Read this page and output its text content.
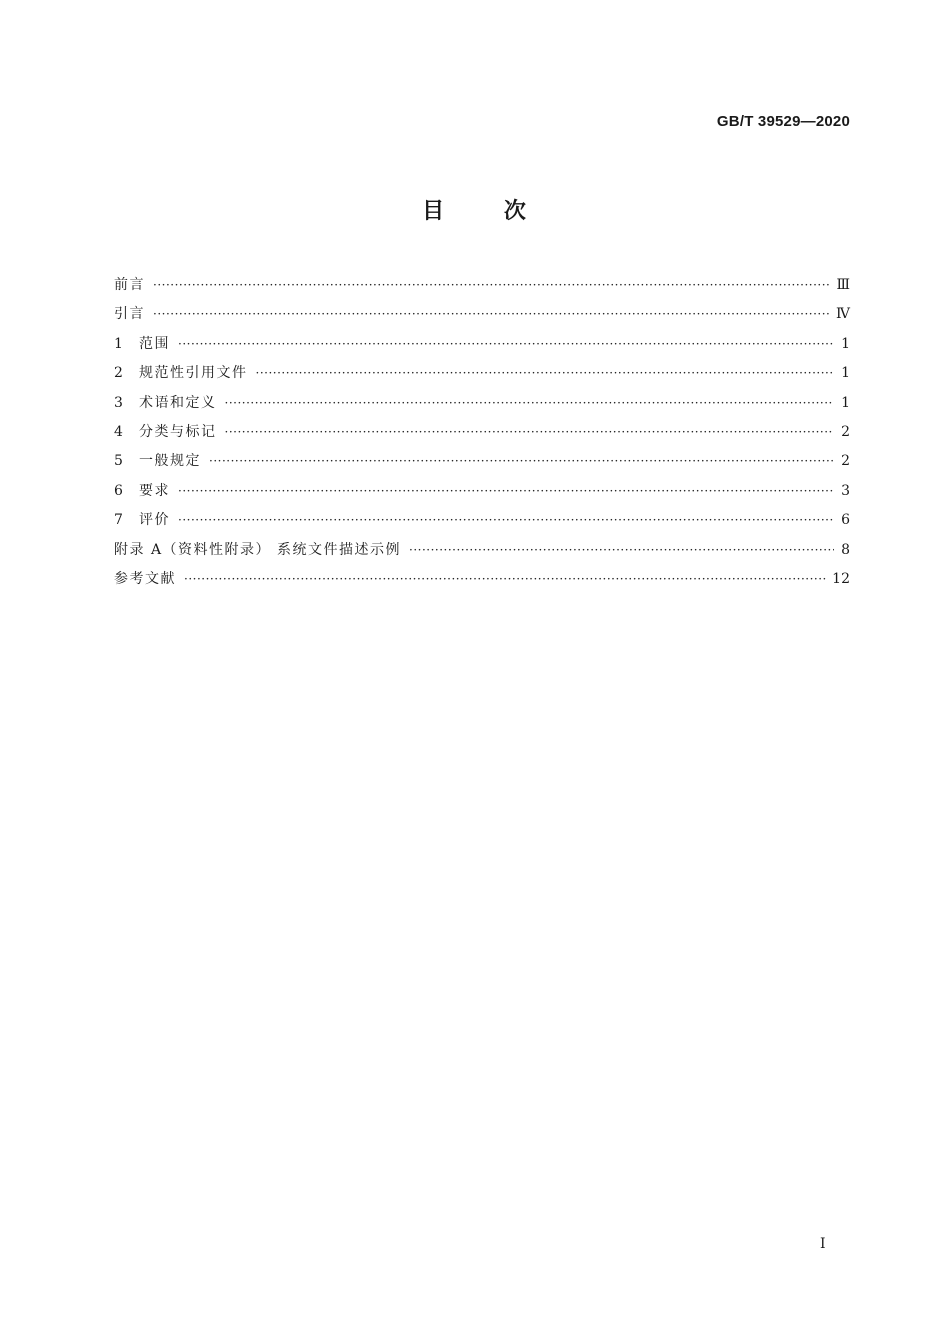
GB/T 39529—2020
目 次
前言 ·····	Ⅲ
引言 ·····	Ⅳ
1	范围 ·····	1
2	规范性引用文件 ·····	1
3	术语和定义 ·····	1
4	分类与标记 ·····	2
5	一般规定 ·····	2
6	要求 ·····	3
7	评价 ·····	6
附录 A（资料性附录） 系统文件描述示例 ·····	8
参考文献 ·····	12
I
